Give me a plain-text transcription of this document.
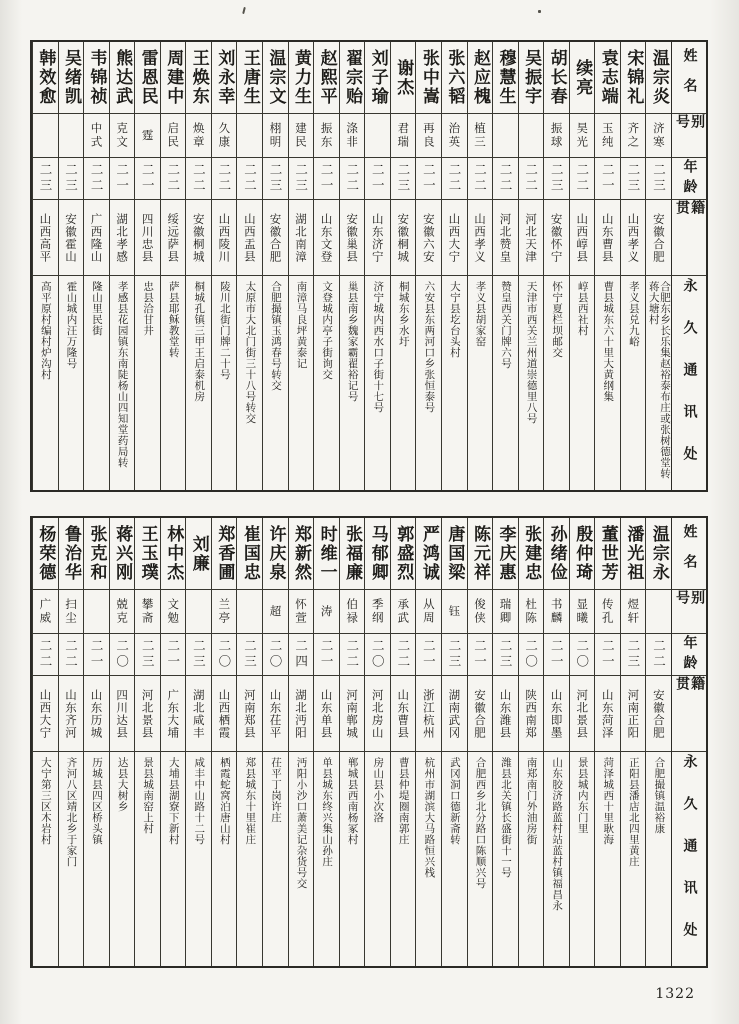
温宗炎
济寒
二三
安徽合肥
合肥东乡长乐集赵裕泰布庄或张树德堂转蒋大塘村
宋锦礼
齐之
二三
山西孝义
孝义县兑九峪
袁志端
玉纯
二一
山东曹县
曹县城东六十里大黄纲集
续亮
昊光
二二
山西崞县
崞县西社村
胡长春
振球
二三
安徽怀宁
怀宁夏栏坝邮交
吴振宇
二二
河北天津
天津市西关兰州道崇德里八号
穆慧生
二二
河北赞皇
赞皇西关门牌六号
赵应槐
植三
二二
山西孝义
孝义县胡家窑
张六韬
治英
二二
山西大宁
大宁县圪台头村
张中嵩
再良
二一
安徽六安
六安县东两河口乡张恒泰号
谢杰
君瑞
二三
安徽桐城
桐城东乡水圩
刘子瑜
二一
山东济宁
济宁城内西水口子街十七号
翟宗贻
涤非
二二
安徽巢县
巢县南乡魏家霸翟裕记号
赵熙平
振东
二一
山东文登
文登城内亭子街询交
黄力生
建民
二三
湖北南漳
南漳马良坪黄泰记
温宗文
栩明
二三
安徽合肥
合肥撮镇玉鸿春号转交
王唐生
二二
山西盂县
太原市大北门街三十八号转交
刘永幸
久康
二二
山西陵川
陵川北街门牌二十号
王焕东
焕章
二二
安徽桐城
桐城孔镇三甲王启泰机房
周建中
启民
二二
绥远萨县
萨县耶稣教堂转
雷恩民
霆
二一
四川忠县
忠县洽甘井
熊达武
克文
二一
湖北孝感
孝感县花园镇东南陡杨山四知堂药局转
韦锦祯
中式
二二
广西隆山
隆山里民街
吴绪凯
二三
安徽霍山
霍山城内汪万隆号
韩效愈
二三
山西高平
高平原村编村炉沟村
姓名
别号
年龄
籍贯
永久通讯处
温宗永
二二
安徽合肥
合肥撮镇温裕康
潘光祖
煜轩
二三
河南正阳
正阳县潘店北四里黄庄
董世芳
传孔
二一
山东菏泽
菏泽城西十里耿海
殷仲琦
显曦
二〇
河北景县
景县城内东门里
孙绪俭
书麟
二一
山东即墨
山东胶济路蓝村站蓝村镇福昌永
张建忠
杜陈
二〇
陕西南郑
南郑南门外油房街
李庆惠
瑞卿
二三
山东潍县
潍县北关镇长盛街十一号
陈元祥
俊侠
二一
安徽合肥
合肥西乡北分路口陈顺兴号
唐国梁
钰
二三
湖南武冈
武冈洞口德新斋转
严鸿诚
从周
二一
浙江杭州
杭州市湖滨大马路恒兴栈
郭盛烈
承武
二二
山东曹县
曹县仲堤圈南郭庄
马郁卿
季纲
二〇
河北房山
房山县小次洛
张福廉
伯禄
二二
河南郸城
郸城县西南杨冢村
时维一
涛
二一
山东单县
单县城东终兴集山孙庄
郑新然
怀萱
二四
湖北沔阳
沔阳小沙口萧美记杂货号交
许庆泉
超
二〇
山东茌平
茌平丁岗许庄
崔国忠
二三
河南郑县
郑县城东十里崔庄
郑香圃
兰亭
二〇
山西栖霞
栖霞蛇窝泊唐山村
刘廉
二三
湖北咸丰
咸丰中山路十二号
林中杰
文勉
二一
广东大埔
大埔县湖寮下新村
王玉璞
攀斋
二三
河北景县
景县城南窑上村
蒋兴刚
兢克
二〇
四川达县
达县大树乡
张克和
二一
山东历城
历城县四区桥头镇
鲁治华
扫尘
二二
山东齐河
齐河八区靖北乡于家门
杨荣德
广威
二二
山西大宁
大宁第三区木岩村
姓名
别号
年龄
籍贯
永久通讯处
1322
